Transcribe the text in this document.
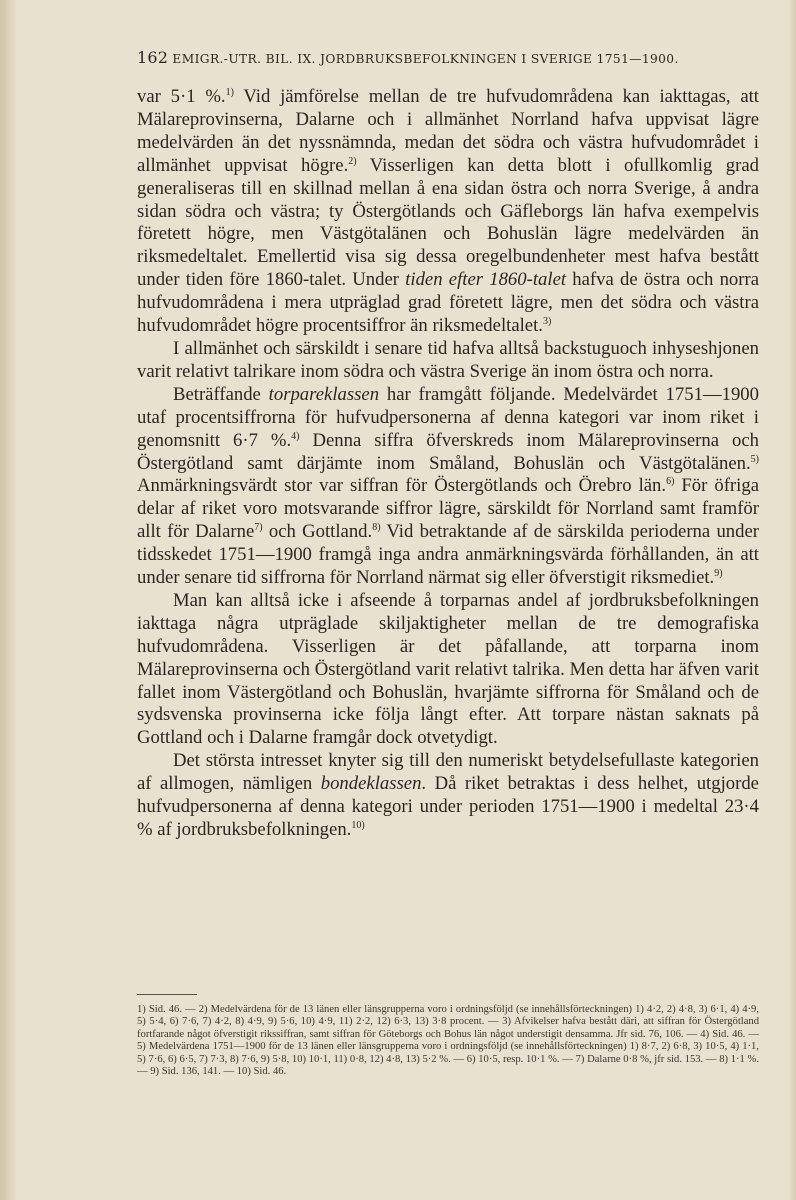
162 EMIGR.-UTR. BIL. IX. JORDBRUKSBEFOLKNINGEN I SVERIGE 1751—1900.

var 5·1 %.$^{1)}$ Vid jämförelse mellan de tre hufvudområdena kan iakttagas, att Mälareprovinserna, Dalarne och i allmänhet Norrland hafva uppvisat lägre medelvärden än det nyssnämnda, medan det södra och västra hufvudområdet i allmänhet uppvisat högre.$^{2)}$ Visserligen kan detta blott i ofullkomlig grad generaliseras till en skillnad mellan å ena sidan östra och norra Sverige, å andra sidan södra och västra; ty Östergötlands och Gäfleborgs län hafva exempelvis företett högre, men Västgötalänen och Bohuslän lägre medelvärden än riksmedeltalet. Emellertid visa sig dessa oregelbundenheter mest hafva bestått under tiden före 1860-talet. Under tiden efter 1860-talet hafva de östra och norra hufvudområdena i mera utpräglad grad företett lägre, men det södra och västra hufvudområdet högre procentsiffror än riksmedeltalet.$^{3)}$

I allmänhet och särskildt i senare tid hafva alltså backstuguoch inhyseshjonen varit relativt talrikare inom södra och västra Sverige än inom östra och norra.

Beträffande torpareklassen har framgått följande. Medelvärdet 1751—1900 utaf procentsiffrorna för hufvudpersonerna af denna kategori var inom riket i genomsnitt 6·7 %.$^{4)}$ Denna siffra öfverskreds inom Mälareprovinserna och Östergötland samt därjämte inom Småland, Bohuslän och Västgötalänen.$^{5)}$ Anmärkningsvärdt stor var siffran för Östergötlands och Örebro län.$^{6)}$ För öfriga delar af riket voro motsvarande siffror lägre, särskildt för Norrland samt framför allt för Dalarne$^{7)}$ och Gottland.$^{8)}$ Vid betraktande af de särskilda perioderna under tidsskedet 1751—1900 framgå inga andra anmärkningsvärda förhållanden, än att under senare tid siffrorna för Norrland närmat sig eller öfverstigit riksmediet.$^{9)}$

Man kan alltså icke i afseende å torparnas andel af jordbruksbefolkningen iakttaga några utpräglade skiljaktigheter mellan de tre demografiska hufvudområdena. Visserligen är det påfallande, att torparna inom Mälareprovinserna och Östergötland varit relativt talrika. Men detta har äfven varit fallet inom Västergötland och Bohuslän, hvarjämte siffrorna för Småland och de sydsvenska provinserna icke följa långt efter. Att torpare nästan saknats på Gottland och i Dalarne framgår dock otvetydigt.

Det största intresset knyter sig till den numeriskt betydelsefullaste kategorien af allmogen, nämligen bondeklassen. Då riket betraktas i dess helhet, utgjorde hufvudpersonerna af denna kategori under perioden 1751—1900 i medeltal 23·4 % af jordbruksbefolkningen.$^{10)}$

1) Sid. 46. — 2) Medelvärdena för de 13 länen eller länsgrupperna voro i ordningsföljd (se innehållsförteckningen) 1) 4·2, 2) 4·8, 3) 6·1, 4) 4·9, 5) 5·4, 6) 7·6, 7) 4·2, 8) 4·9, 9) 5·6, 10) 4·9, 11) 2·2, 12) 6·3, 13) 3·8 procent. — 3) Afvikelser hafva bestått däri, att siffran för Östergötland fortfarande något öfverstigit rikssiffran, samt siffran för Göteborgs och Bohus län något understigit densamma. Jfr sid. 76, 106. — 4) Sid. 46. — 5) Medelvärdena 1751—1900 för de 13 länen eller länsgrupperna voro i ordningsföljd (se innehållsförteckningen) 1) 8·7, 2) 6·8, 3) 10·5, 4) 1·1, 5) 7·6, 6) 6·5, 7) 7·3, 8) 7·6, 9) 5·8, 10) 10·1, 11) 0·8, 12) 4·8, 13) 5·2 %. — 6) 10·5, resp. 10·1 %. — 7) Dalarne 0·8 %, jfr sid. 153. — 8) 1·1 %. — 9) Sid. 136, 141. — 10) Sid. 46.
